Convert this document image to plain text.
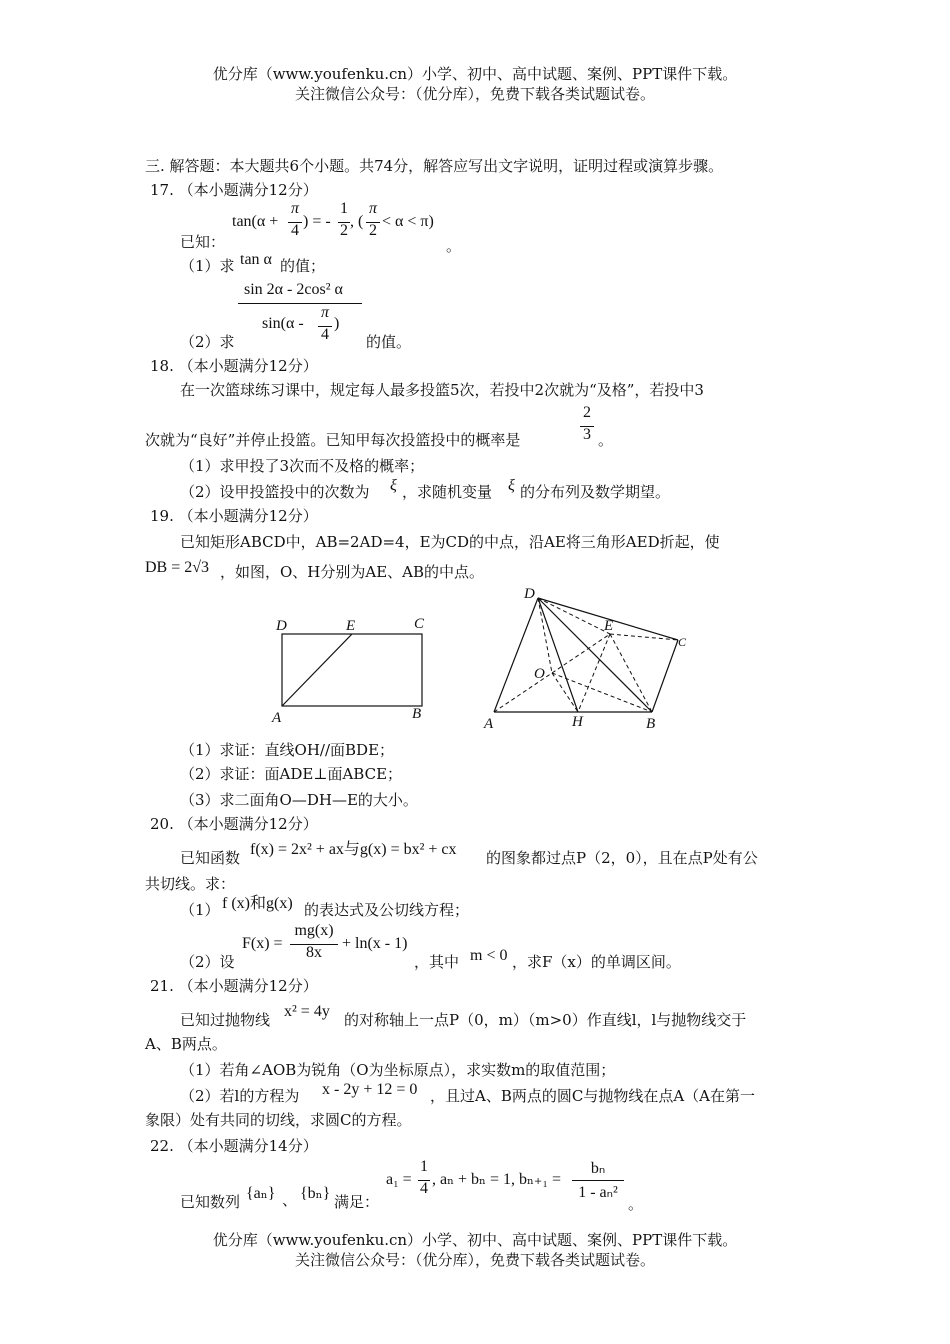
优分库（www.youfenku.cn）小学、初中、高中试题、案例、PPT课件下载。
关注微信公众号：（优分库），免费下载各类试题试卷。
三. 解答题：本大题共6个小题。共74分，解答应写出文字说明，证明过程或演算步骤。
17. （本小题满分12分）
已知：
tan(α +
π
4
) = -
1
2
, (
π
2
< α < π)
。
（1）求 tan α 的值；
sin 2α - 2cos² α
sin(α -
π
4
)
（2）求	的值。
18. （本小题满分12分）
在一次篮球练习课中，规定每人最多投篮5次，若投中2次就为“及格”，若投中3
次就为“良好”并停止投篮。已知甲每次投篮投中的概率是
2
3 。
（1）求甲投了3次而不及格的概率；
（2）设甲投篮投中的次数为 ξ ，求随机变量 ξ 的分布列及数学期望。
19. （本小题满分12分）
已知矩形ABCD中，AB=2AD=4，E为CD的中点，沿AE将三角形AED折起，使
DB = 2√3 ，如图，O、H分别为AE、AB的中点。
D	E	C
A	B
D
E
C
O
A	H	B
（1）求证：直线OH//面BDE；
（2）求证：面ADE⊥面ABCE；
（3）求二面角O—DH—E的大小。
20. （本小题满分12分）
已知函数 f(x) = 2x² + ax与g(x) = bx² + cx 的图象都过点P（2，0），且在点P处有公
共切线。求：
（1） f (x)和g(x) 的表达式及公切线方程；
F(x) =
mg(x)
8x
+ ln(x - 1)
（2）设	，其中 m < 0 ，求F（x）的单调区间。
21. （本小题满分12分）
已知过抛物线 x² = 4y 的对称轴上一点P（0，m）（m>0）作直线l，l与抛物线交于
A、B两点。
（1）若角∠AOB为锐角（O为坐标原点），求实数m的取值范围；
（2）若l的方程为 x - 2y + 12 = 0 ，且过A、B两点的圆C与抛物线在点A（A在第一
象限）处有共同的切线，求圆C的方程。
22. （本小题满分14分）
已知数列 {aₙ} 、 {bₙ} 满足：
a₁ =
1
4
, aₙ + bₙ = 1, bₙ₊₁ =
bₙ
1 - aₙ²
。
优分库（www.youfenku.cn）小学、初中、高中试题、案例、PPT课件下载。
关注微信公众号：（优分库），免费下载各类试题试卷。
